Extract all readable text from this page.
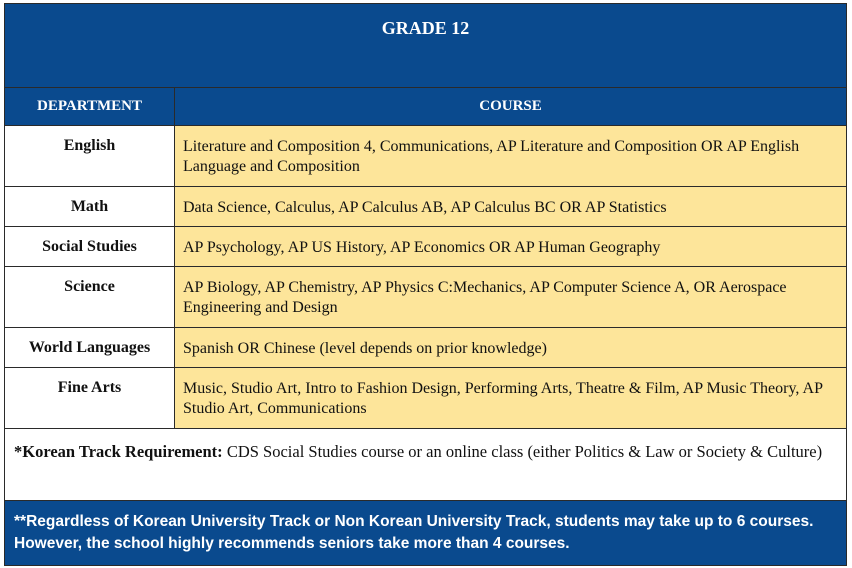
GRADE 12	
DEPARTMENT	COURSE
English	Literature and Composition 4, Communications, AP Literature and Composition OR AP English Language and Composition
Math	Data Science, Calculus, AP Calculus AB, AP Calculus BC OR AP Statistics
Social Studies	AP Psychology, AP US History, AP Economics OR AP Human Geography
Science	AP Biology, AP Chemistry, AP Physics C:Mechanics, AP Computer Science A, OR Aerospace Engineering and Design
World Languages	Spanish OR Chinese (level depends on prior knowledge)
Fine Arts	Music, Studio Art, Intro to Fashion Design, Performing Arts, Theatre & Film, AP Music Theory, AP Studio Art, Communications
*Korean Track Requirement: CDS Social Studies course or an online class (either Politics & Law or Society & Culture)	
**Regardless of Korean University Track or Non Korean University Track, students may take up to 6 courses. However, the school highly recommends seniors take more than 4 courses.	
